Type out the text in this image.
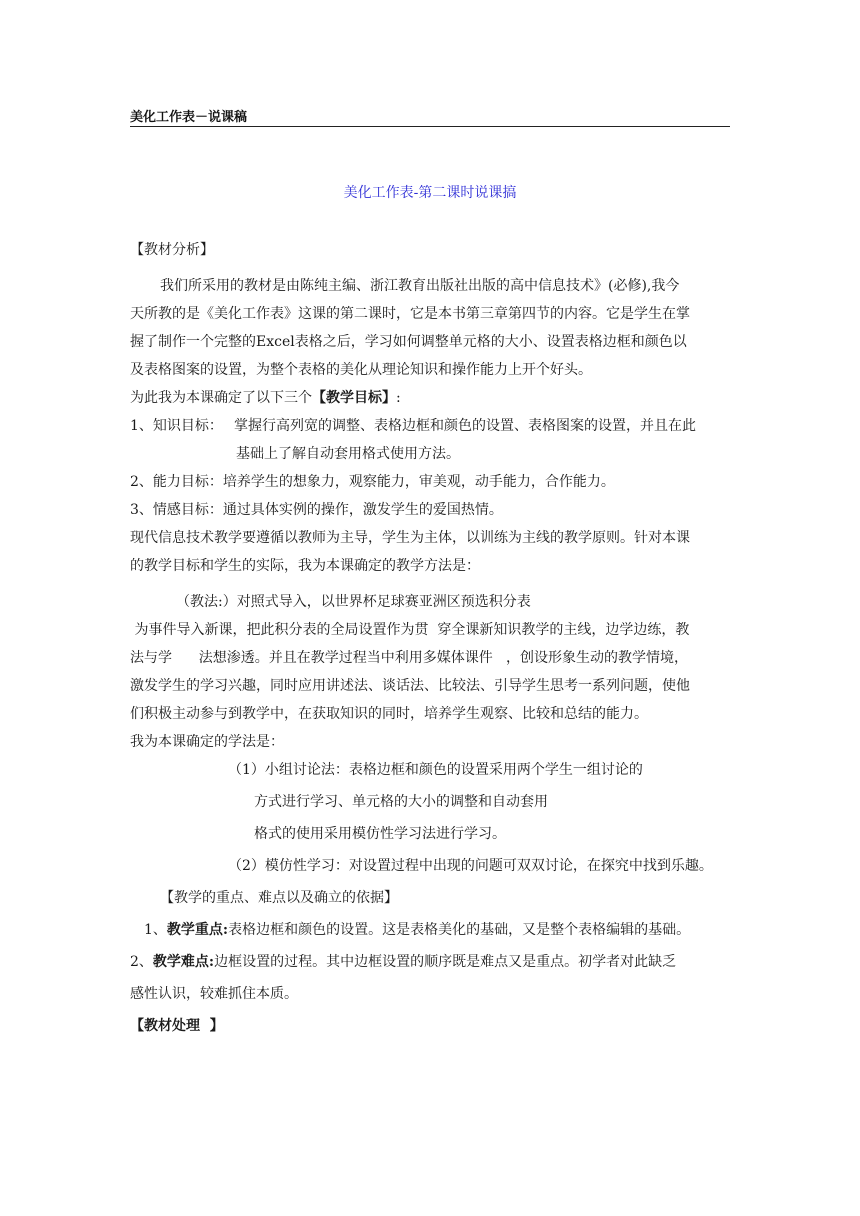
美化工作表－说课稿
美化工作表-第二课时说课搞
【教材分析】
我们所采用的教材是由陈纯主编、浙江教育出版社出版的高中信息技术》(必修),我今
天所教的是《美化工作表》这课的第二课时，它是本书第三章第四节的内容。它是学生在掌
握了制作一个完整的Excel表格之后，学习如何调整单元格的大小、设置表格边框和颜色以
及表格图案的设置，为整个表格的美化从理论知识和操作能力上开个好头。
为此我为本课确定了以下三个【教学目标】:
1、知识目标： 掌握行高列宽的调整、表格边框和颜色的设置、表格图案的设置，并且在此
基础上了解自动套用格式使用方法。
2、能力目标：培养学生的想象力，观察能力，审美观，动手能力，合作能力。
3、情感目标：通过具体实例的操作，激发学生的爱国热情。
现代信息技术教学要遵循以教师为主导，学生为主体，以训练为主线的教学原则。针对本课
的教学目标和学生的实际，我为本课确定的教学方法是：
（教法:）对照式导入，以世界杯足球赛亚洲区预选积分表
为事件导入新课，把此积分表的全局设置作为贯  穿全课新知识教学的主线，边学边练，教
法与学      法想渗透。并且在教学过程当中利用多媒体课件   ，创设形象生动的教学情境，
激发学生的学习兴趣，同时应用讲述法、谈话法、比较法、引导学生思考一系列问题，使他
们积极主动参与到教学中，在获取知识的同时，培养学生观察、比较和总结的能力。
我为本课确定的学法是：
（1）小组讨论法：表格边框和颜色的设置采用两个学生一组讨论的
方式进行学习、单元格的大小的调整和自动套用
格式的使用采用模仿性学习法进行学习。
（2）模仿性学习：对设置过程中出现的问题可双双讨论，在探究中找到乐趣。
【教学的重点、难点以及确立的依据】
1、教学重点:表格边框和颜色的设置。这是表格美化的基础，又是整个表格编辑的基础。
2、教学难点:边框设置的过程。其中边框设置的顺序既是难点又是重点。初学者对此缺乏
感性认识，较难抓住本质。
【教材处理  】
